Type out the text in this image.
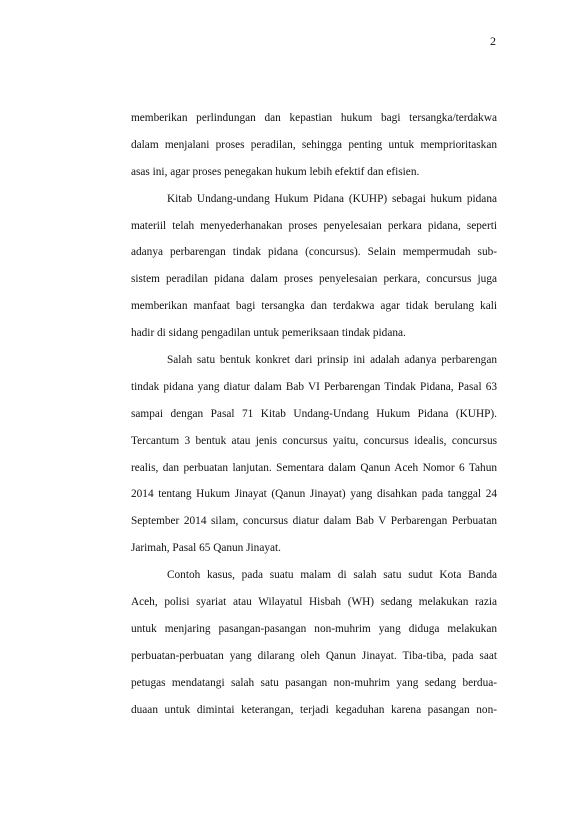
2
memberikan perlindungan dan kepastian hukum bagi tersangka/terdakwa
dalam menjalani proses peradilan, sehingga penting untuk memprioritaskan
asas ini, agar proses penegakan hukum lebih efektif dan efisien.
Kitab Undang-undang Hukum Pidana (KUHP) sebagai hukum pidana
materiil telah menyederhanakan proses penyelesaian perkara pidana, seperti
adanya perbarengan tindak pidana (concursus). Selain mempermudah sub-
sistem peradilan pidana dalam proses penyelesaian perkara, concursus juga
memberikan manfaat bagi tersangka dan terdakwa agar tidak berulang kali
hadir di sidang pengadilan untuk pemeriksaan tindak pidana.
Salah satu bentuk konkret dari prinsip ini adalah adanya perbarengan
tindak pidana yang diatur dalam Bab VI Perbarengan Tindak Pidana, Pasal 63
sampai dengan Pasal 71 Kitab Undang-Undang Hukum Pidana (KUHP).
Tercantum 3 bentuk atau jenis concursus yaitu, concursus idealis, concursus
realis, dan perbuatan lanjutan. Sementara dalam Qanun Aceh Nomor 6 Tahun
2014 tentang Hukum Jinayat (Qanun Jinayat) yang disahkan pada tanggal 24
September 2014 silam, concursus diatur dalam Bab V Perbarengan Perbuatan
Jarimah, Pasal 65 Qanun Jinayat.
Contoh kasus, pada suatu malam di salah satu sudut Kota Banda
Aceh, polisi syariat atau Wilayatul Hisbah (WH) sedang melakukan razia
untuk menjaring pasangan-pasangan non-muhrim yang diduga melakukan
perbuatan-perbuatan yang dilarang oleh Qanun Jinayat. Tiba-tiba, pada saat
petugas mendatangi salah satu pasangan non-muhrim yang sedang berdua-
duaan untuk dimintai keterangan, terjadi kegaduhan karena pasangan non-
